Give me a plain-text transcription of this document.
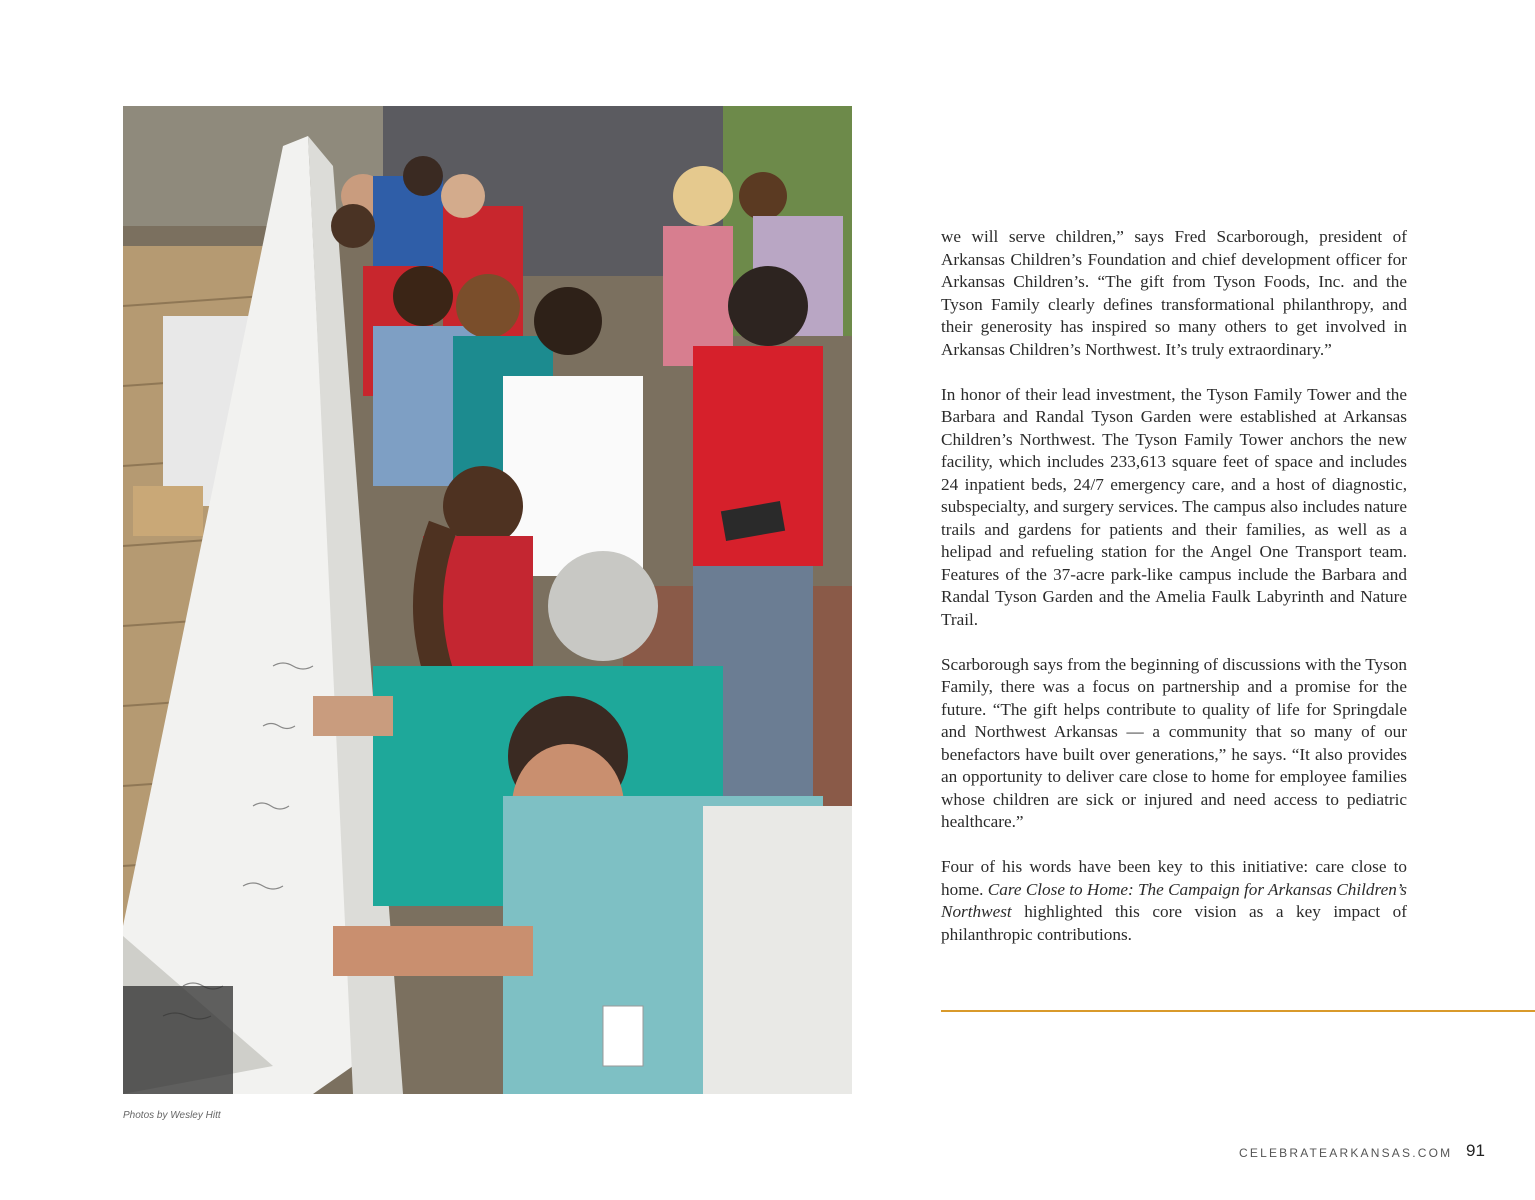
Photos by Wesley Hitt

we will serve children,” says Fred Scarborough, president of Arkansas Children’s Foundation and chief development officer for Arkansas Children’s. “The gift from Tyson Foods, Inc. and the Tyson Family clearly defines transformational philanthropy, and their generosity has inspired so many others to get involved in Arkansas Children’s Northwest. It’s truly extraordinary.”

In honor of their lead investment, the Tyson Family Tower and the Barbara and Randal Tyson Garden were established at Arkansas Children’s Northwest. The Tyson Family Tower anchors the new facility, which includes 233,613 square feet of space and includes 24 inpatient beds, 24/7 emergency care, and a host of diagnostic, subspecialty, and surgery services. The campus also includes nature trails and gardens for patients and their families, as well as a helipad and refueling station for the Angel One Transport team. Features of the 37-acre park-like campus include the Barbara and Randal Tyson Garden and the Amelia Faulk Labyrinth and Nature Trail.

Scarborough says from the beginning of discussions with the Tyson Family, there was a focus on partnership and a promise for the future. “The gift helps contribute to quality of life for Springdale and Northwest Arkansas — a community that so many of our benefactors have built over generations,” he says. “It also provides an opportunity to deliver care close to home for employee families whose children are sick or injured and need access to pediatric healthcare.”

Four of his words have been key to this initiative: care close to home. Care Close to Home: The Campaign for Arkansas Children’s Northwest highlighted this core vision as a key impact of philanthropic contributions.

CELEBRATEARKANSAS.COM 91
